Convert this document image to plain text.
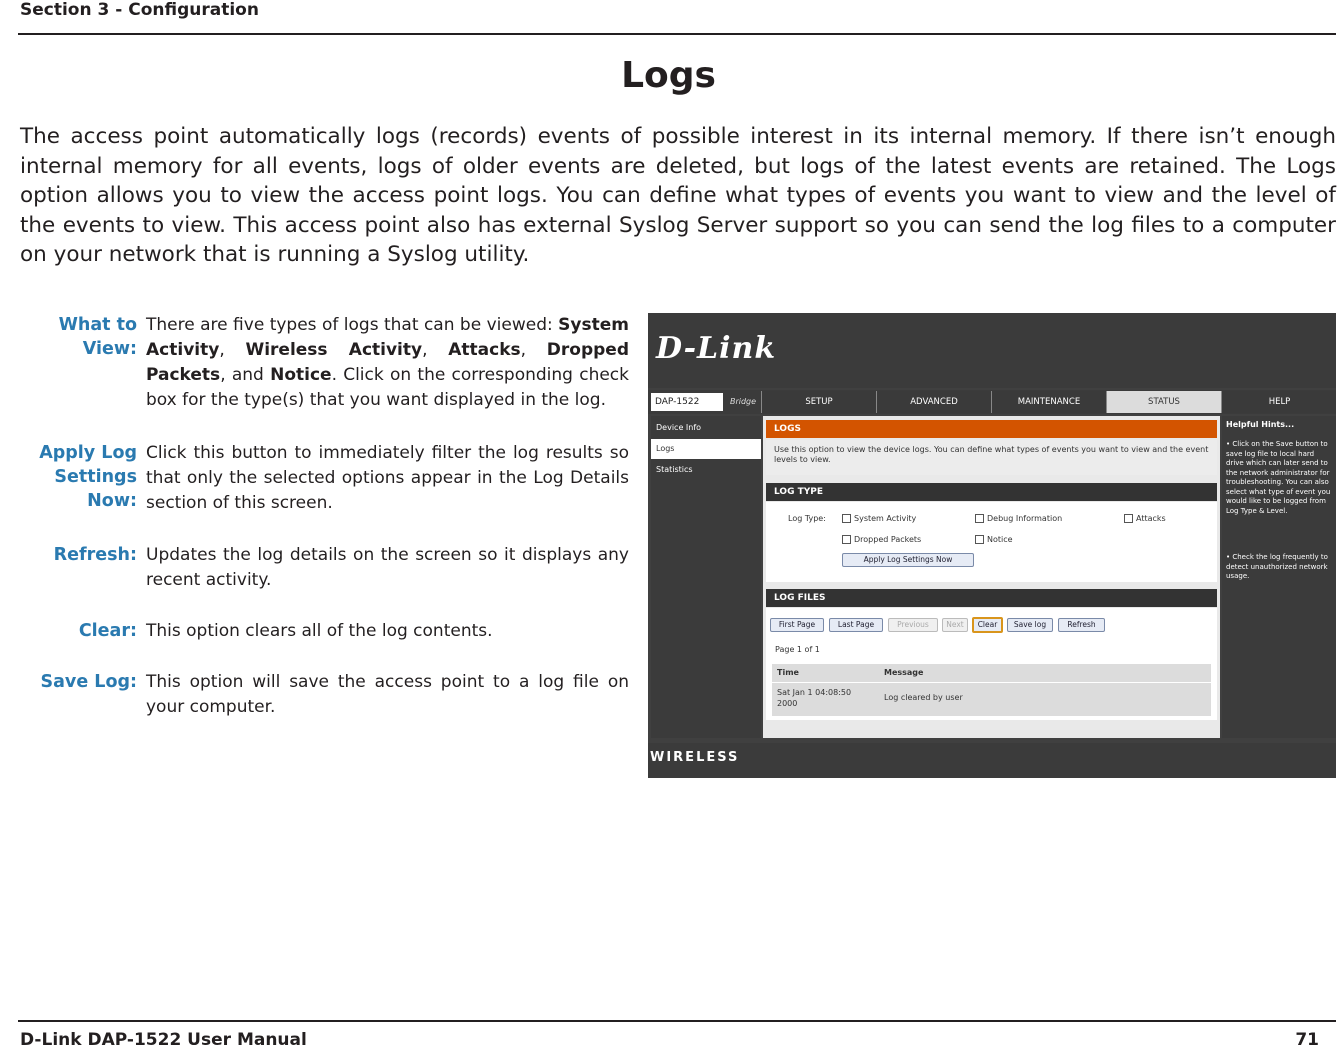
Section 3 - Configuration
Logs
The access point automatically logs (records) events of possible interest in its internal memory. If there isn’t enough internal memory for all events, logs of older events are deleted, but logs of the latest events are retained. The Logs option allows you to view the access point logs. You can define what types of events you want to view and the level of the events to view. This access point also has external Syslog Server support so you can send the log files to a computer on your network that is running a Syslog utility.
What to View:
There are five types of logs that can be viewed: System Activity, Wireless Activity, Attacks, Dropped Packets, and Notice. Click on the corresponding check box for the type(s) that you want displayed in the log.
Apply Log
Settings Now:
Click this button to immediately filter the log results so that only the selected options appear in the Log Details section of this screen.
Refresh: Updates the log details on the screen so it displays any recent activity.
Clear: This option clears all of the log contents.
Save Log: This option will save the access point to a log file on your computer.
D-Link
DAP-1522	Bridge	SETUP	ADVANCED	MAINTENANCE	STATUS	HELP
Device Info
Logs
Statistics
LOGS
Use this option to view the device logs. You can define what types of events you want to view and the event levels to view.
LOG TYPE
Log Type:	System Activity	Debug Information	Attacks
Dropped Packets	Notice
Apply Log Settings Now
LOG FILES
First Page	Last Page	Previous	Next	Clear	Save log	Refresh
Page 1 of 1
Time	Message
Sat Jan 1 04:08:50
2000
Log cleared by user
Helpful Hints...
• Click on the Save button to save log file to local hard drive which can later send to the network administrator for troubleshooting. You can also select what type of event you would like to be logged from Log Type & Level.
• Check the log frequently to detect unauthorized network usage.
WIRELESS
D-Link DAP-1522 User Manual	71
